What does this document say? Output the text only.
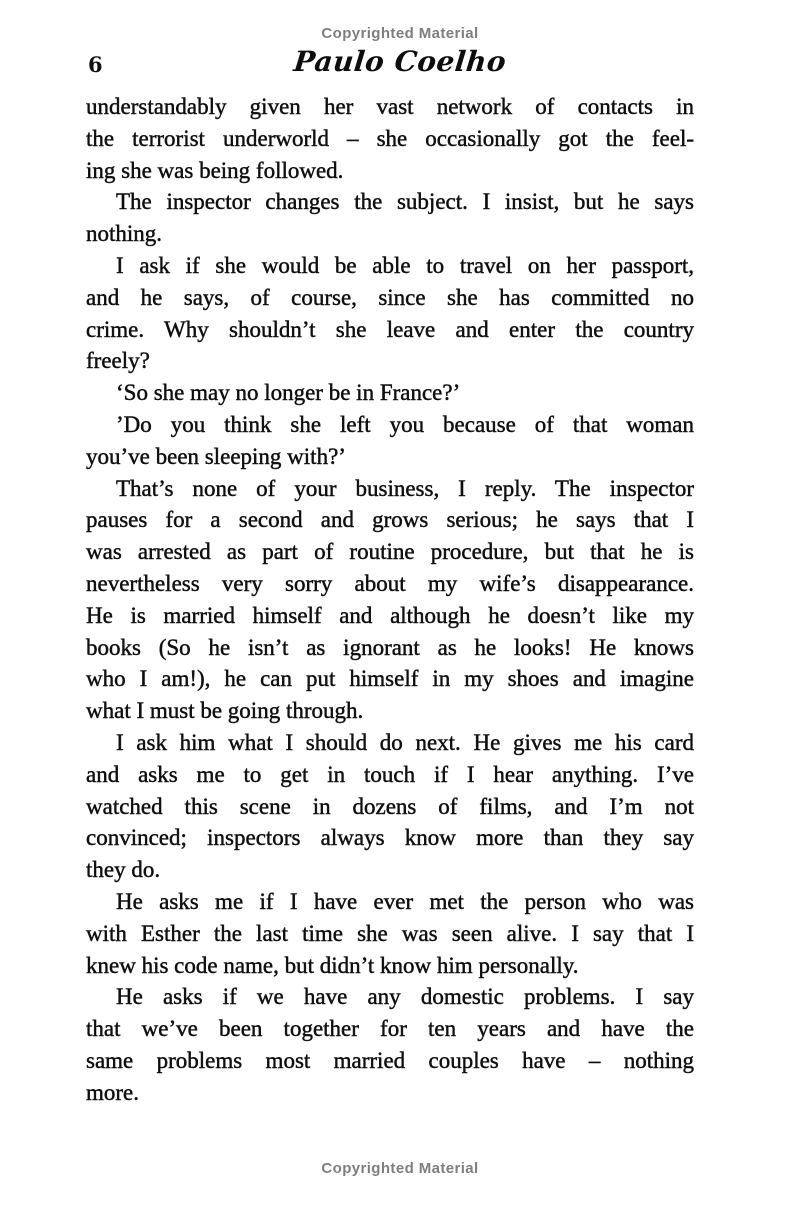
Copyrighted Material
6	Paulo Coelho
understandably given her vast network of contacts in
the terrorist underworld – she occasionally got the feel-
ing she was being followed.
The inspector changes the subject. I insist, but he says
nothing.
I ask if she would be able to travel on her passport,
and he says, of course, since she has committed no
crime. Why shouldn’t she leave and enter the country
freely?
‘So she may no longer be in France?’
’Do you think she left you because of that woman
you’ve been sleeping with?’
That’s none of your business, I reply. The inspector
pauses for a second and grows serious; he says that I
was arrested as part of routine procedure, but that he is
nevertheless very sorry about my wife’s disappearance.
He is married himself and although he doesn’t like my
books (So he isn’t as ignorant as he looks! He knows
who I am!), he can put himself in my shoes and imagine
what I must be going through.
I ask him what I should do next. He gives me his card
and asks me to get in touch if I hear anything. I’ve
watched this scene in dozens of films, and I’m not
convinced; inspectors always know more than they say
they do.
He asks me if I have ever met the person who was
with Esther the last time she was seen alive. I say that I
knew his code name, but didn’t know him personally.
He asks if we have any domestic problems. I say
that we’ve been together for ten years and have the
same problems most married couples have – nothing
more.
Copyrighted Material
